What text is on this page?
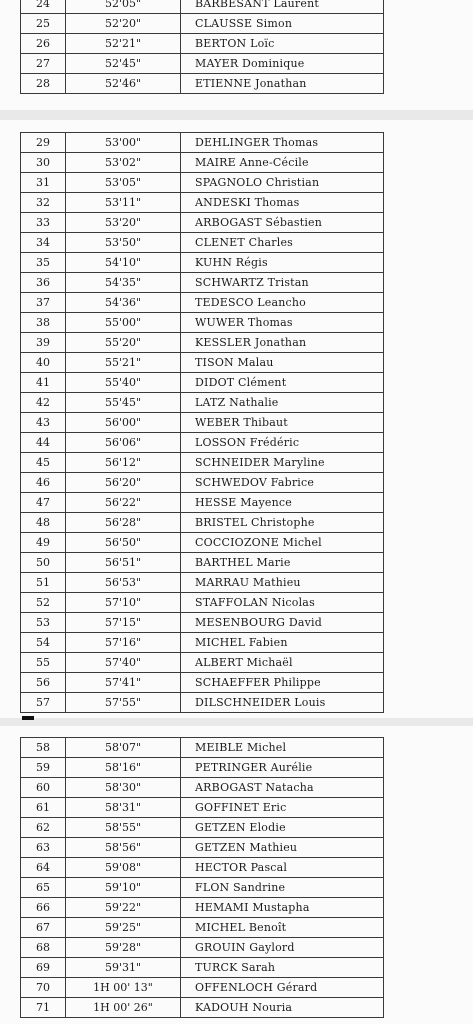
24	52'05"	BARBESANT Laurent
25	52'20"	CLAUSSE Simon
26	52'21"	BERTON Loïc
27	52'45"	MAYER Dominique
28	52'46"	ETIENNE Jonathan
29	53'00"	DEHLINGER Thomas
30	53'02"	MAIRE Anne-Cécile
31	53'05"	SPAGNOLO Christian
32	53'11"	ANDESKI Thomas
33	53'20"	ARBOGAST Sébastien
34	53'50"	CLENET Charles
35	54'10"	KUHN Régis
36	54'35"	SCHWARTZ Tristan
37	54'36"	TEDESCO Leancho
38	55'00"	WUWER Thomas
39	55'20"	KESSLER Jonathan
40	55'21"	TISON Malau
41	55'40"	DIDOT Clément
42	55'45"	LATZ Nathalie
43	56'00"	WEBER Thibaut
44	56'06"	LOSSON Frédéric
45	56'12"	SCHNEIDER Maryline
46	56'20"	SCHWEDOV Fabrice
47	56'22"	HESSE Mayence
48	56'28"	BRISTEL Christophe
49	56'50"	COCCIOZONE Michel
50	56'51"	BARTHEL Marie
51	56'53"	MARRAU Mathieu
52	57'10"	STAFFOLAN Nicolas
53	57'15"	MESENBOURG David
54	57'16"	MICHEL Fabien
55	57'40"	ALBERT Michaël
56	57'41"	SCHAEFFER Philippe
57	57'55"	DILSCHNEIDER Louis
58	58'07"	MEIBLE Michel
59	58'16"	PETRINGER Aurélie
60	58'30"	ARBOGAST Natacha
61	58'31"	GOFFINET Eric
62	58'55"	GETZEN Elodie
63	58'56"	GETZEN Mathieu
64	59'08"	HECTOR Pascal
65	59'10"	FLON Sandrine
66	59'22"	HEMAMI Mustapha
67	59'25"	MICHEL Benoît
68	59'28"	GROUIN Gaylord
69	59'31"	TURCK Sarah
70	1H 00' 13"	OFFENLOCH Gérard
71	1H 00' 26"	KADOUH Nouria
